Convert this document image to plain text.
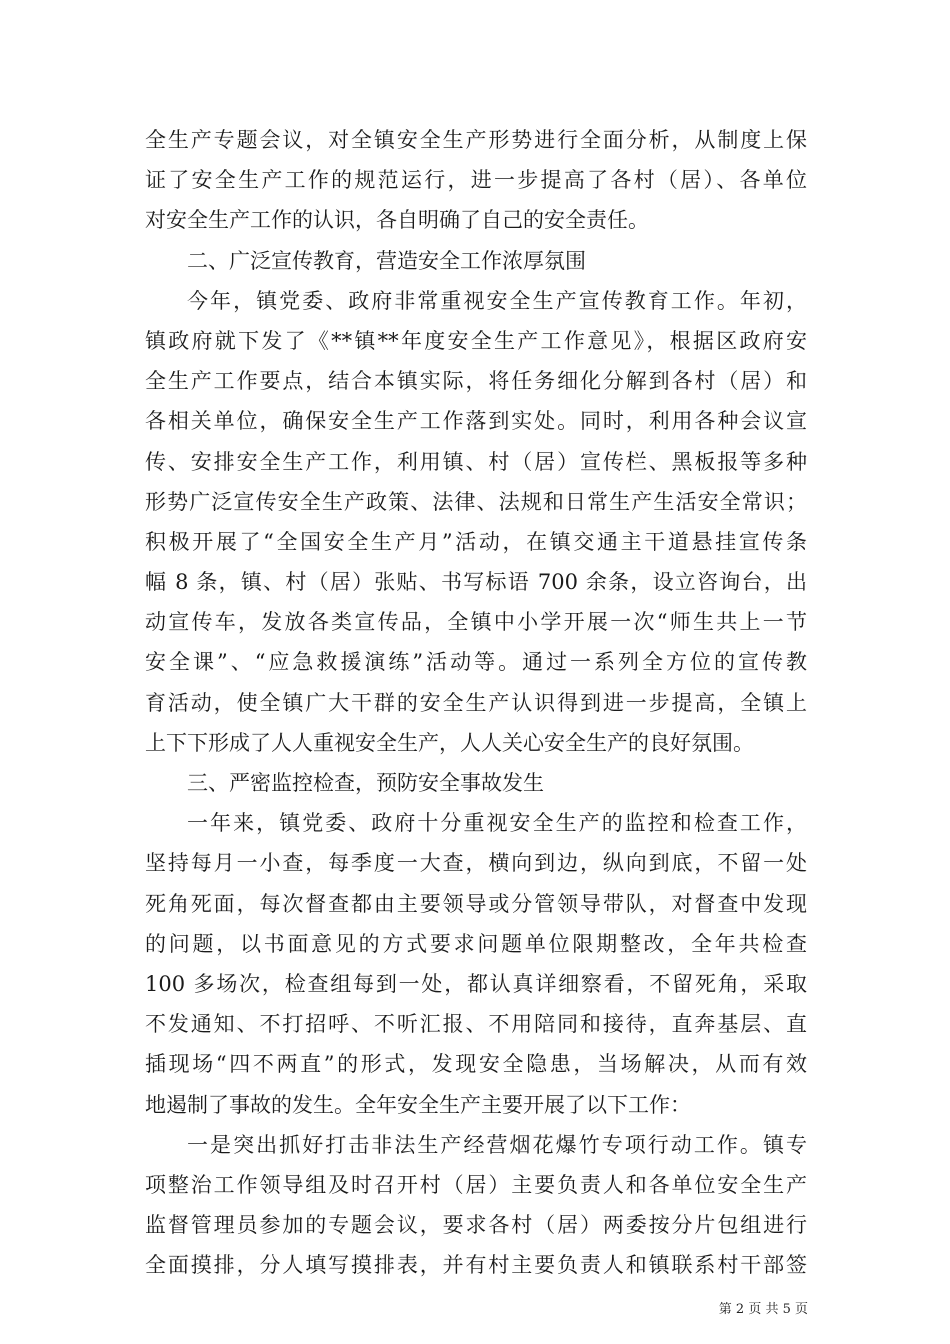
全生产专题会议，对全镇安全生产形势进行全面分析，从制度上保
证了安全生产工作的规范运行，进一步提高了各村（居）、各单位
对安全生产工作的认识，各自明确了自己的安全责任。
二、广泛宣传教育，营造安全工作浓厚氛围
今年，镇党委、政府非常重视安全生产宣传教育工作。年初，
镇政府就下发了《**镇**年度安全生产工作意见》，根据区政府安
全生产工作要点，结合本镇实际，将任务细化分解到各村（居）和
各相关单位，确保安全生产工作落到实处。同时，利用各种会议宣
传、安排安全生产工作，利用镇、村（居）宣传栏、黑板报等多种
形势广泛宣传安全生产政策、法律、法规和日常生产生活安全常识；
积极开展了“全国安全生产月”活动，在镇交通主干道悬挂宣传条
幅 8 条，镇、村（居）张贴、书写标语 700 余条，设立咨询台，出
动宣传车，发放各类宣传品，全镇中小学开展一次“师生共上一节
安全课”、“应急救援演练”活动等。通过一系列全方位的宣传教
育活动，使全镇广大干群的安全生产认识得到进一步提高，全镇上
上下下形成了人人重视安全生产，人人关心安全生产的良好氛围。
三、严密监控检查，预防安全事故发生
一年来，镇党委、政府十分重视安全生产的监控和检查工作，
坚持每月一小查，每季度一大查，横向到边，纵向到底，不留一处
死角死面，每次督查都由主要领导或分管领导带队，对督查中发现
的问题，以书面意见的方式要求问题单位限期整改，全年共检查
100 多场次，检查组每到一处，都认真详细察看，不留死角，采取
不发通知、不打招呼、不听汇报、不用陪同和接待，直奔基层、直
插现场“四不两直”的形式，发现安全隐患，当场解决，从而有效
地遏制了事故的发生。全年安全生产主要开展了以下工作：
一是突出抓好打击非法生产经营烟花爆竹专项行动工作。镇专
项整治工作领导组及时召开村（居）主要负责人和各单位安全生产
监督管理员参加的专题会议，要求各村（居）两委按分片包组进行
全面摸排，分人填写摸排表，并有村主要负责人和镇联系村干部签
第 2 页 共 5 页
